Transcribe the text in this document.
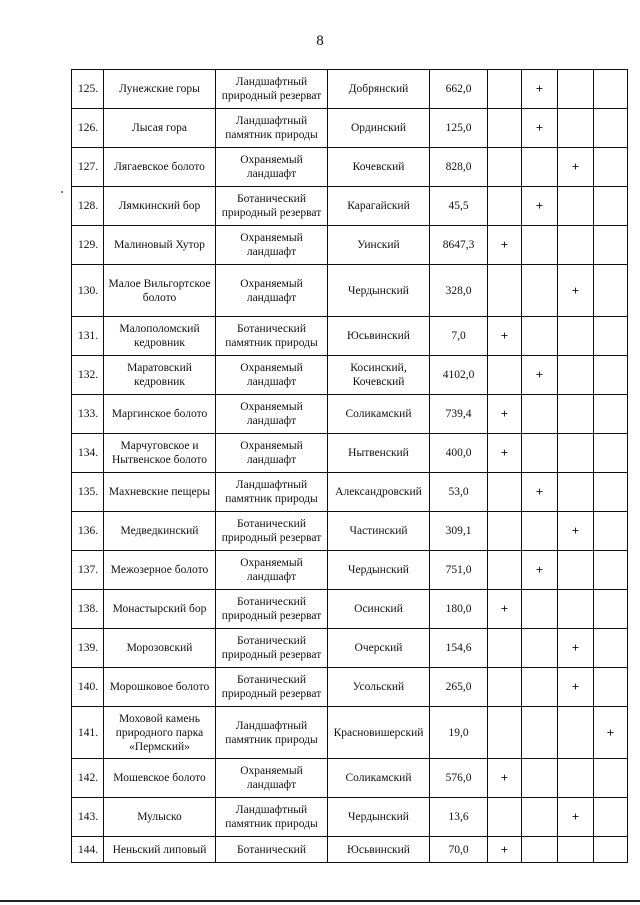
8
125.	Лунежские горы	Ландшафтный природный резерват	Добрянский	662,0		+		
126.	Лысая гора	Ландшафтный памятник природы	Ординский	125,0		+		
127.	Лягаевское болото	Охраняемый ландшафт	Кочевский	828,0			+	
128.	Лямкинский бор	Ботанический природный резерват	Карагайский	45,5		+		
129.	Малиновый Хутор	Охраняемый ландшафт	Уинский	8647,3	+			
130.	Малое Вильгортское болото	Охраняемый ландшафт	Чердынский	328,0			+	
131.	Малополомский кедровник	Ботанический памятник природы	Юсьвинский	7,0	+			
132.	Маратовский кедровник	Охраняемый ландшафт	Косинский, Кочевский	4102,0		+		
133.	Маргинское болото	Охраняемый ландшафт	Соликамский	739,4	+			
134.	Марчуговское и Нытвенское болото	Охраняемый ландшафт	Нытвенский	400,0	+			
135.	Махневские пещеры	Ландшафтный памятник природы	Александровский	53,0		+		
136.	Медведкинский	Ботанический природный резерват	Частинский	309,1			+	
137.	Межозерное болото	Охраняемый ландшафт	Чердынский	751,0		+		
138.	Монастырский бор	Ботанический природный резерват	Осинский	180,0	+			
139.	Морозовский	Ботанический природный резерват	Очерский	154,6			+	
140.	Морошковое болото	Ботанический природный резерват	Усольский	265,0			+	
141.	Моховой камень природного парка «Пермский»	Ландшафтный памятник природы	Красновишерский	19,0				+
142.	Мошевское болото	Охраняемый ландшафт	Соликамский	576,0	+			
143.	Мулыско	Ландшафтный памятник природы	Чердынский	13,6			+	
144.	Неньский липовый	Ботанический	Юсьвинский	70,0	+			
